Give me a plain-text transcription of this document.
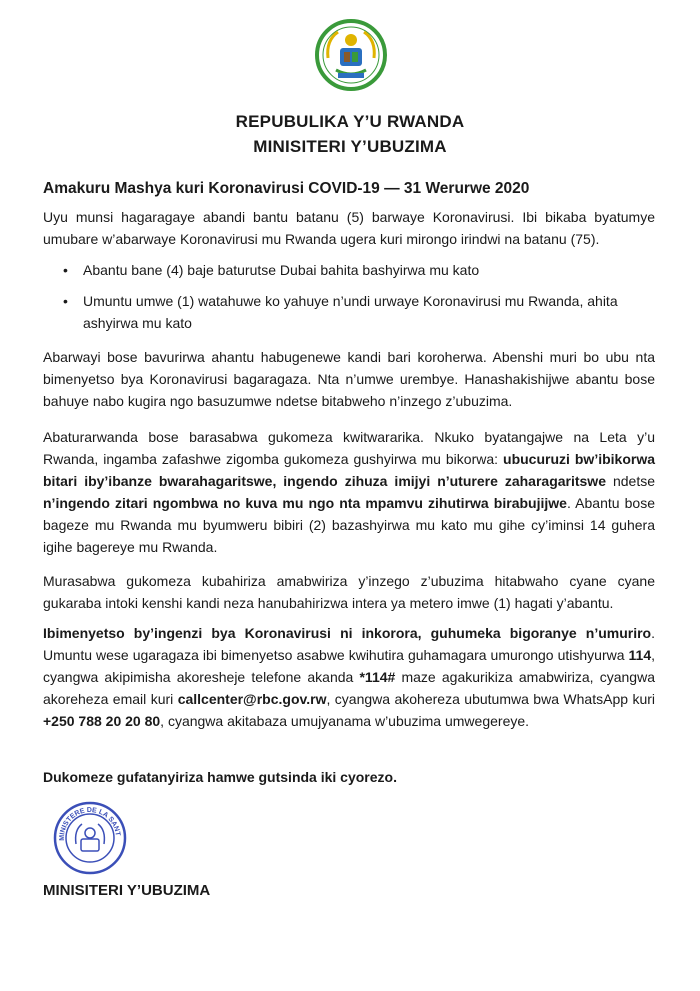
REPUBULIKA Y’U RWANDA
MINISITERI Y’UBUZIMA
Amakuru Mashya kuri Koronavirusi COVID-19 — 31 Werurwe 2020
Uyu munsi hagaragaye abandi bantu batanu (5) barwaye Koronavirusi. Ibi bikaba byatumye umubare w’abarwaye Koronavirusi mu Rwanda ugera kuri mirongo irindwi na batanu (75).
• Abantu bane (4) baje baturutse Dubai bahita bashyirwa mu kato
• Umuntu umwe (1) watahuwe ko yahuye n’undi urwaye Koronavirusi mu Rwanda, ahita ashyirwa mu kato
Abarwayi bose bavurirwa ahantu habugenewe kandi bari koroherwa. Abenshi muri bo ubu nta bimenyetso bya Koronavirusi bagaragaza. Nta n’umwe urembye. Hanashakishijwe abantu bose bahuye nabo kugira ngo basuzumwe ndetse bitabweho n’inzego z’ubuzima.
Abaturarwanda bose barasabwa gukomeza kwitwararika. Nkuko byatangajwe na Leta y’u Rwanda, ingamba zafashwe zigomba gukomeza gushyirwa mu bikorwa: ubucuruzi bw’ibikorwa bitari iby’ibanze bwarahagaritswe, ingendo zihuza imijyi n’uturere zaharagaritswe ndetse n’ingendo zitari ngombwa no kuva mu ngo nta mpamvu zihutirwa birabujijwe. Abantu bose bageze mu Rwanda mu byumweru bibiri (2) bazashyirwa mu kato mu gihe cy’iminsi 14 guhera igihe bagereye mu Rwanda.
Murasabwa gukomeza kubahiriza amabwiriza y’inzego z’ubuzima hitabwaho cyane cyane gukaraba intoki kenshi kandi neza hanubahirizwa intera ya metero imwe (1) hagati y’abantu.
Ibimenyetso by’ingenzi bya Koronavirusi ni inkorora, guhumeka bigoranye n’umuriro. Umuntu wese ugaragaza ibi bimenyetso asabwe kwihutira guhamagara umurongo utishyurwa 114, cyangwa akipimisha akoresheje telefone akanda *114# maze agakurikiza amabwiriza, cyangwa akoreheza email kuri callcenter@rbc.gov.rw, cyangwa akohereza ubutumwa bwa WhatsApp kuri +250 788 20 20 80, cyangwa akitabaza umujyanama w’ubuzima umwegereye.
Dukomeze gufatanyiriza hamwe gutsinda iki cyorezo.
MINISTERE DE LA SANT
MINISITERI Y’UBUZIMA
